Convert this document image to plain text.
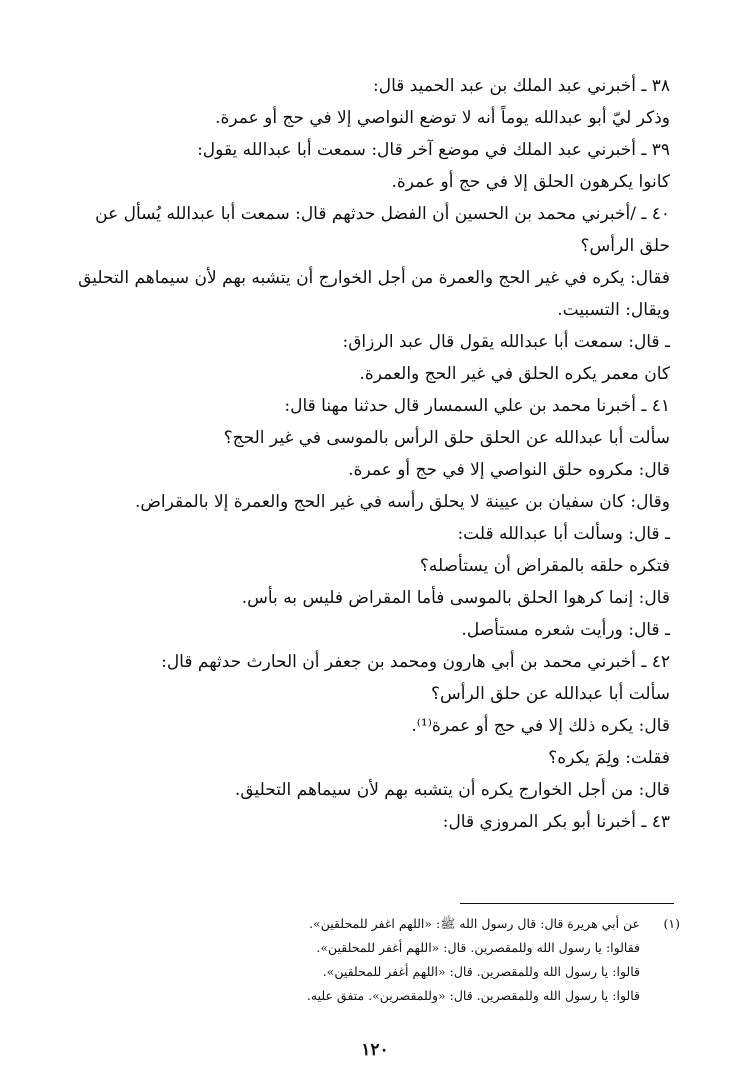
٣٨ ـ أخبرني عبد الملك بن عبد الحميد قال:

وذكر ليّ أبو عبدالله يوماً أنه لا توضع النواصي إلا في حج أو عمرة.

٣٩ ـ أخبرني عبد الملك في موضع آخر قال: سمعت أبا عبدالله يقول:

كانوا يكرهون الحلق إلا في حج أو عمرة.

٤٠ ـ /أخبرني محمد بن الحسين أن الفضل حدثهم قال: سمعت أبا عبدالله يُسأل عن

حلق الرأس؟

فقال: يكره في غير الحج والعمرة من أجل الخوارج أن يتشبه بهم لأن سيماهم التحليق

ويقال: التسبيت.

ـ قال: سمعت أبا عبدالله يقول قال عبد الرزاق:

كان معمر يكره الحلق في غير الحج والعمرة.

٤١ ـ أخبرنا محمد بن علي السمسار قال حدثنا مهنا قال:

سألت أبا عبدالله عن الحلق حلق الرأس بالموسى في غير الحج؟

قال: مكروه حلق النواصي إلا في حج أو عمرة.

وقال: كان سفيان بن عيينة لا يحلق رأسه في غير الحج والعمرة إلا بالمقراض.

ـ قال: وسألت أبا عبدالله قلت:

فتكره حلقه بالمقراض أن يستأصله؟

قال: إنما كرهوا الحلق بالموسى فأما المقراض فليس به بأس.

ـ قال: ورأيت شعره مستأصل.

٤٢ ـ أخبرني محمد بن أبي هارون ومحمد بن جعفر أن الحارث حدثهم قال:

سألت أبا عبدالله عن حلق الرأس؟

قال: يكره ذلك إلا في حج أو عمرة⁽¹⁾.

فقلت: ولِمَ يكره؟

قال: من أجل الخوارج يكره أن يتشبه بهم لأن سيماهم التحليق.

٤٣ ـ أخبرنا أبو بكر المروزي قال:

(١)
عن أبي هريرة قال: قال رسول الله ﷺ: «اللهم اغفر للمحلقين».
فقالوا: يا رسول الله وللمقصرين. قال: «اللهم أغفر للمحلقين».
قالوا: يا رسول الله وللمقصرين. قال: «اللهم أغفر للمحلقين».
قالوا: يا رسول الله وللمقصرين. قال: «وللمقصرين». متفق عليه.
١٢٠
